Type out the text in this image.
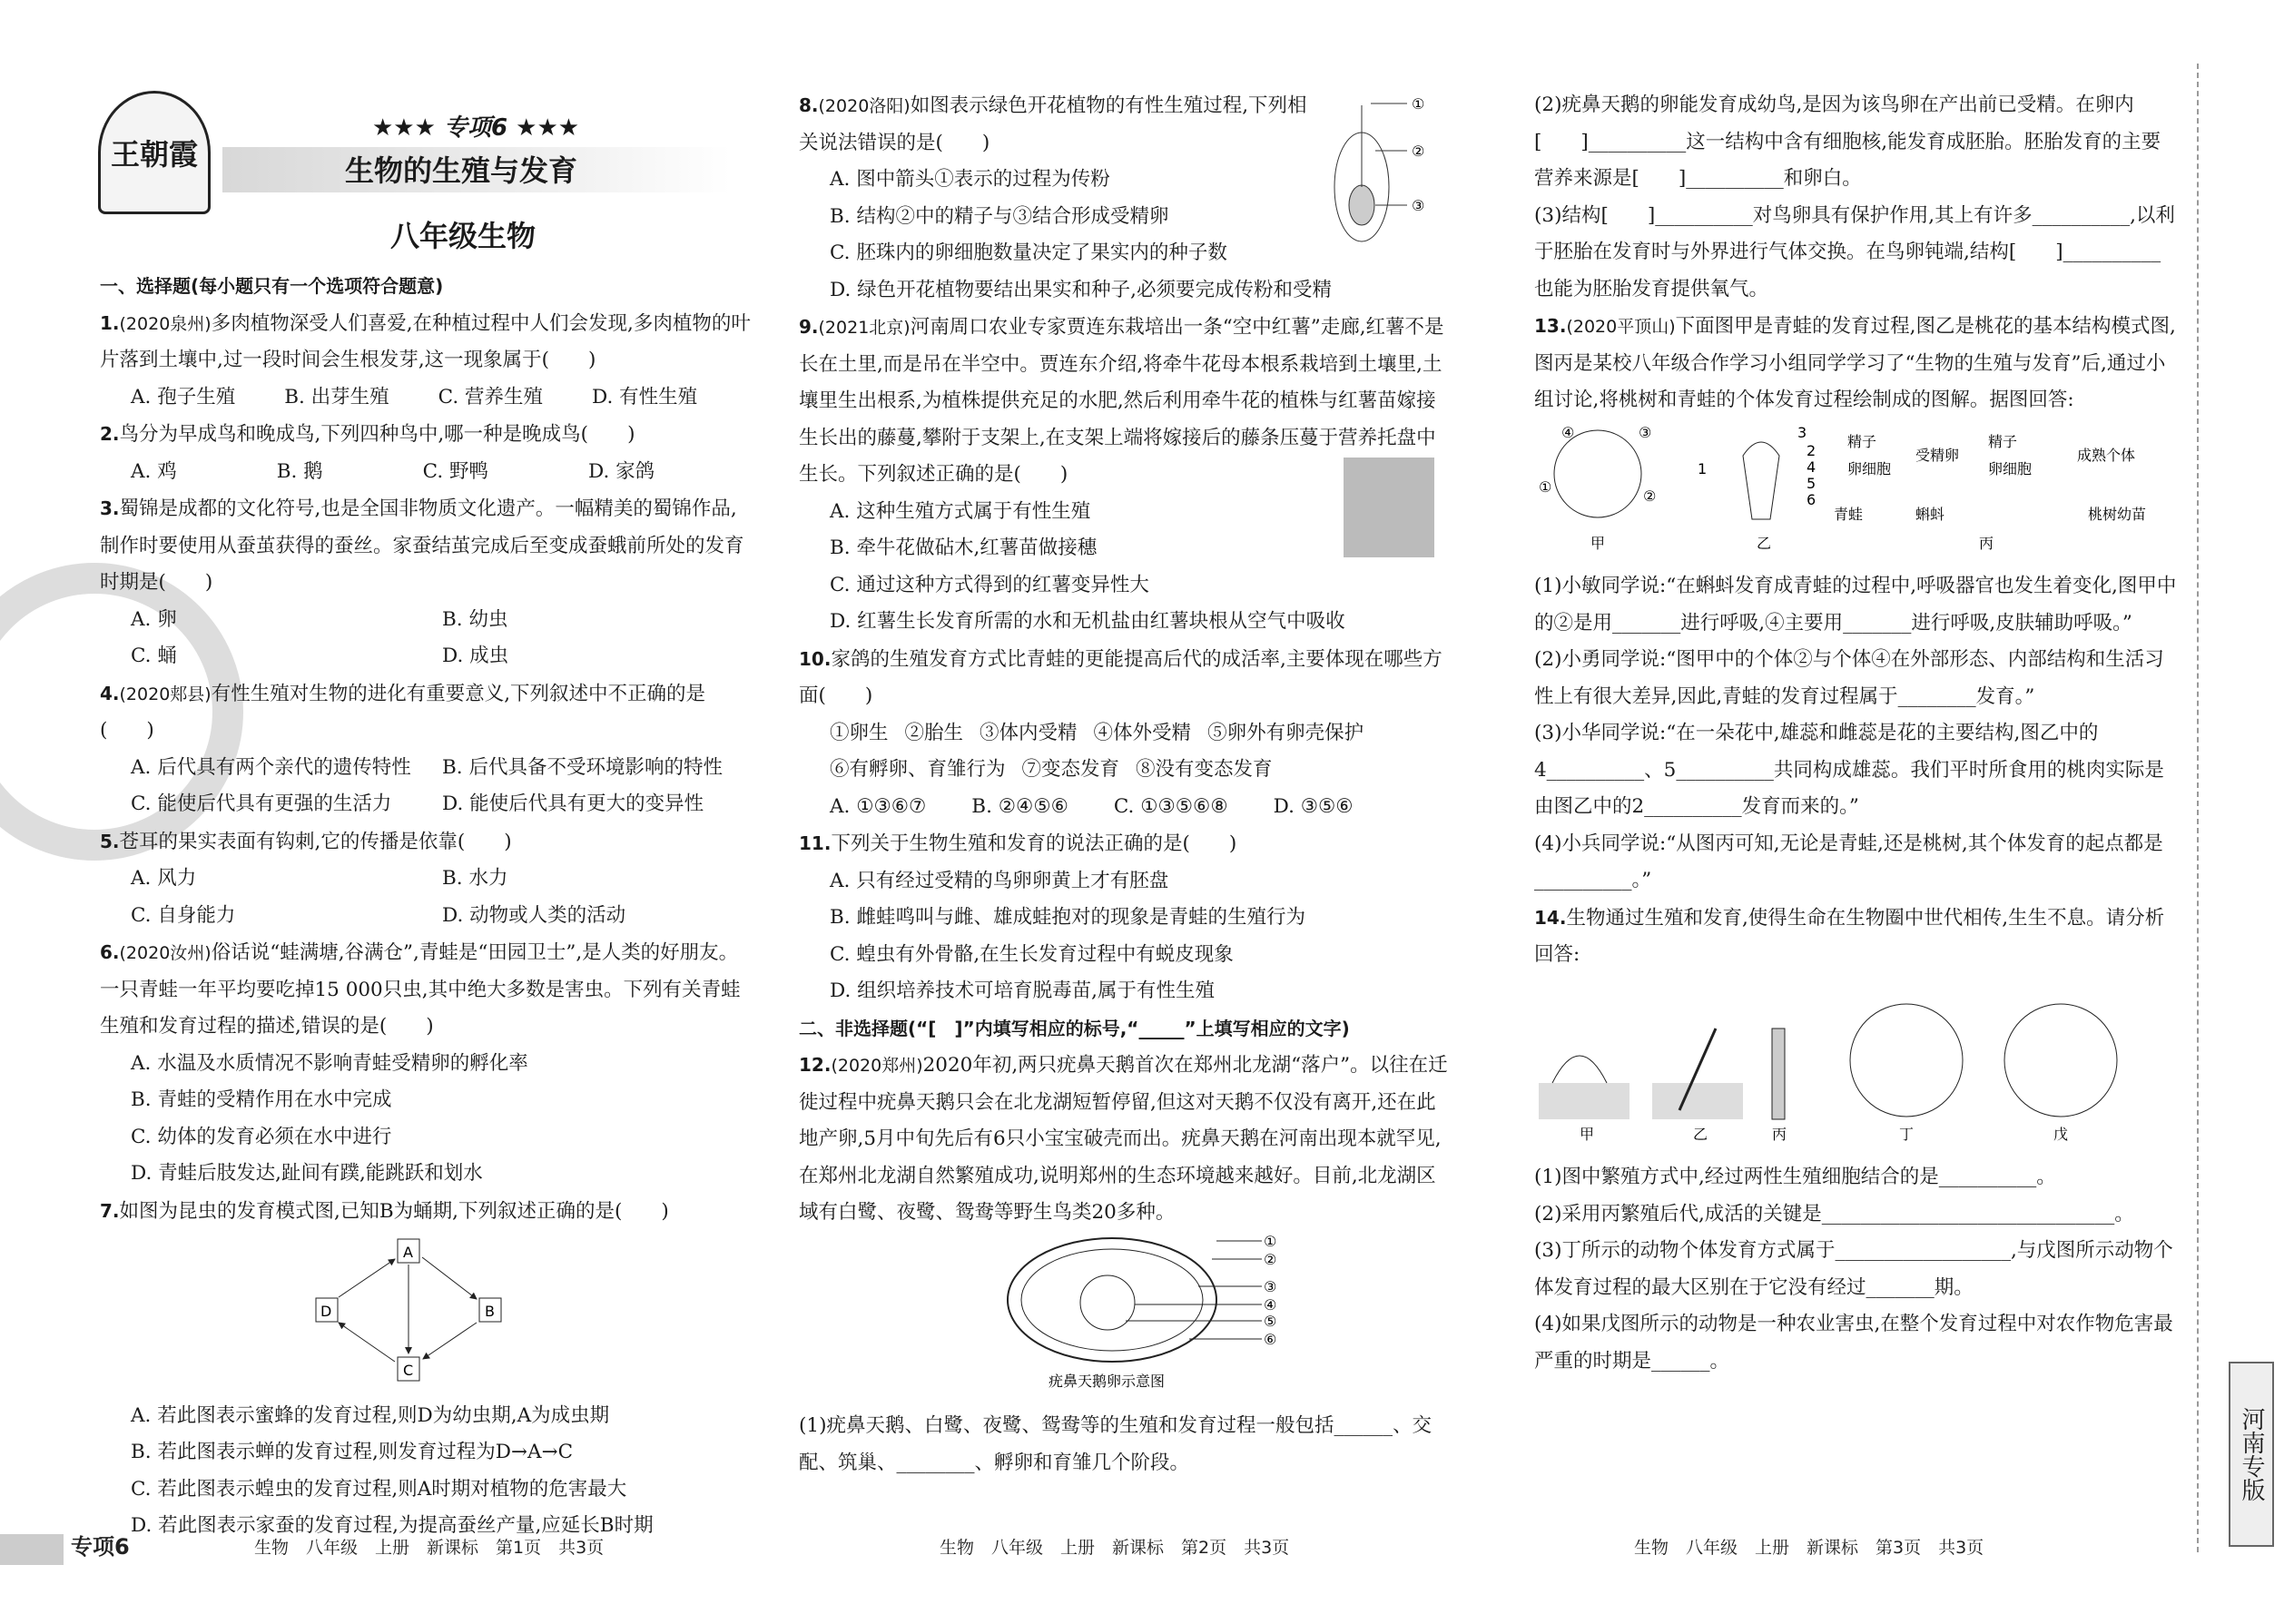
王朝霞
★★★ 专项6 ★★★
生物的生殖与发育
八年级生物

一、选择题(每小题只有一个选项符合题意)

1.(2020泉州)多肉植物深受人们喜爱,在种植过程中人们会发现,多肉植物的叶片落到土壤中,过一段时间会生根发芽,这一现象属于(　　)

A. 孢子生殖	B. 出芽生殖	C. 营养生殖	D. 有性生殖

2.鸟分为早成鸟和晚成鸟,下列四种鸟中,哪一种是晚成鸟(　　)

A. 鸡	B. 鹅	C. 野鸭	D. 家鸽

3.蜀锦是成都的文化符号,也是全国非物质文化遗产。一幅精美的蜀锦作品,制作时要使用从蚕茧获得的蚕丝。家蚕结茧完成后至变成蚕蛾前所处的发育时期是(　　)

A. 卵	B. 幼虫
C. 蛹	D. 成虫

4.(2020郏县)有性生殖对生物的进化有重要意义,下列叙述中不正确的是(　　)

A. 后代具有两个亲代的遗传特性	B. 后代具备不受环境影响的特性
C. 能使后代具有更强的生活力	D. 能使后代具有更大的变异性

5.苍耳的果实表面有钩刺,它的传播是依靠(　　)

A. 风力	B. 水力
C. 自身能力	D. 动物或人类的活动

6.(2020汝州)俗话说“蛙满塘,谷满仓”,青蛙是“田园卫士”,是人类的好朋友。一只青蛙一年平均要吃掉15 000只虫,其中绝大多数是害虫。下列有关青蛙生殖和发育过程的描述,错误的是(　　)

A. 水温及水质情况不影响青蛙受精卵的孵化率

B. 青蛙的受精作用在水中完成

C. 幼体的发育必须在水中进行

D. 青蛙后肢发达,趾间有蹼,能跳跃和划水

7.如图为昆虫的发育模式图,已知B为蛹期,下列叙述正确的是(　　)

A
B
C
D

A. 若此图表示蜜蜂的发育过程,则D为幼虫期,A为成虫期

B. 若此图表示蝉的发育过程,则发育过程为D→A→C

C. 若此图表示蝗虫的发育过程,则A时期对植物的危害最大

D. 若此图表示家蚕的发育过程,为提高蚕丝产量,应延长B时期

8.(2020洛阳)如图表示绿色开花植物的有性生殖过程,下列相关说法错误的是(　　)

A. 图中箭头①表示的过程为传粉

B. 结构②中的精子与③结合形成受精卵

C. 胚珠内的卵细胞数量决定了果实内的种子数

①
②
③

D. 绿色开花植物要结出果实和种子,必须要完成传粉和受精

9.(2021北京)河南周口农业专家贾连东栽培出一条“空中红薯”走廊,红薯不是长在土里,而是吊在半空中。贾连东介绍,将牵牛花母本根系栽培到土壤里,土壤里生出根系,为植株提供充足的水肥,然后利用牵牛花的植株与红薯苗嫁接生长出的藤蔓,攀附于支架上,在支架上端将嫁接后的藤条压蔓于营养托盘中生长。下列叙述正确的是(　　)

A. 这种生殖方式属于有性生殖

B. 牵牛花做砧木,红薯苗做接穗

C. 通过这种方式得到的红薯变异性大

D. 红薯生长发育所需的水和无机盐由红薯块根从空气中吸收

10.家鸽的生殖发育方式比青蛙的更能提高后代的成活率,主要体现在哪些方面(　　)

①卵生 ②胎生 ③体内受精 ④体外受精 ⑤卵外有卵壳保护
⑥有孵卵、育雏行为 ⑦变态发育 ⑧没有变态发育
A. ①③⑥⑦ B. ②④⑤⑥ C. ①③⑤⑥⑧ D. ③⑤⑥

11.下列关于生物生殖和发育的说法正确的是(　　)

A. 只有经过受精的鸟卵卵黄上才有胚盘

B. 雌蛙鸣叫与雌、雄成蛙抱对的现象是青蛙的生殖行为

C. 蝗虫有外骨骼,在生长发育过程中有蜕皮现象

D. 组织培养技术可培育脱毒苗,属于有性生殖

二、非选择题(“[　]”内填写相应的标号,“_____”上填写相应的文字)

12.(2020郑州)2020年初,两只疣鼻天鹅首次在郑州北龙湖“落户”。以往在迁徙过程中疣鼻天鹅只会在北龙湖短暂停留,但这对天鹅不仅没有离开,还在此地产卵,5月中旬先后有6只小宝宝破壳而出。疣鼻天鹅在河南出现本就罕见,在郑州北龙湖自然繁殖成功,说明郑州的生态环境越来越好。目前,北龙湖区域有白鹭、夜鹭、鸳鸯等野生鸟类20多种。

①
②
③
④
⑤
⑥
疣鼻天鹅卵示意图

(1)疣鼻天鹅、白鹭、夜鹭、鸳鸯等的生殖和发育过程一般包括______、交配、筑巢、________、孵卵和育雏几个阶段。

(2)疣鼻天鹅的卵能发育成幼鸟,是因为该鸟卵在产出前已受精。在卵内[　　]__________这一结构中含有细胞核,能发育成胚胎。胚胎发育的主要营养来源是[　　]__________和卵白。

(3)结构[　　]__________对鸟卵具有保护作用,其上有许多__________,以利于胚胎在发育时与外界进行气体交换。在鸟卵钝端,结构[　　]__________也能为胚胎发育提供氧气。

13.(2020平顶山)下面图甲是青蛙的发育过程,图乙是桃花的基本结构模式图,图丙是某校八年级合作学习小组同学学习了“生物的生殖与发育”后,通过小组讨论,将桃树和青蛙的个体发育过程绘制成的图解。据图回答:

④	③
①
②
甲
1
3
2
4
5
6
乙
精子
卵细胞
受精卵
精子
卵细胞
成熟个体
青蛙	蝌蚪	桃树幼苗
丙

(1)小敏同学说:“在蝌蚪发育成青蛙的过程中,呼吸器官也发生着变化,图甲中的②是用_______进行呼吸,④主要用_______进行呼吸,皮肤辅助呼吸。”

(2)小勇同学说:“图甲中的个体②与个体④在外部形态、内部结构和生活习性上有很大差异,因此,青蛙的发育过程属于________发育。”

(3)小华同学说:“在一朵花中,雄蕊和雌蕊是花的主要结构,图乙中的4__________、5__________共同构成雄蕊。我们平时所食用的桃肉实际是由图乙中的2__________发育而来的。”

(4)小兵同学说:“从图丙可知,无论是青蛙,还是桃树,其个体发育的起点都是__________。”

14.生物通过生殖和发育,使得生命在生物圈中世代相传,生生不息。请分析回答:

甲	乙	丙	丁	戊

(1)图中繁殖方式中,经过两性生殖细胞结合的是__________。

(2)采用丙繁殖后代,成活的关键是______________________________。

(3)丁所示的动物个体发育方式属于__________________,与戊图所示动物个体发育过程的最大区别在于它没有经过_______期。

(4)如果戊图所示的动物是一种农业害虫,在整个发育过程中对农作物危害最严重的时期是______。

专项6	生物　八年级　上册　新课标　第1页　共3页	生物　八年级　上册　新课标　第2页　共3页	生物　八年级　上册　新课标　第3页　共3页
河南专版
